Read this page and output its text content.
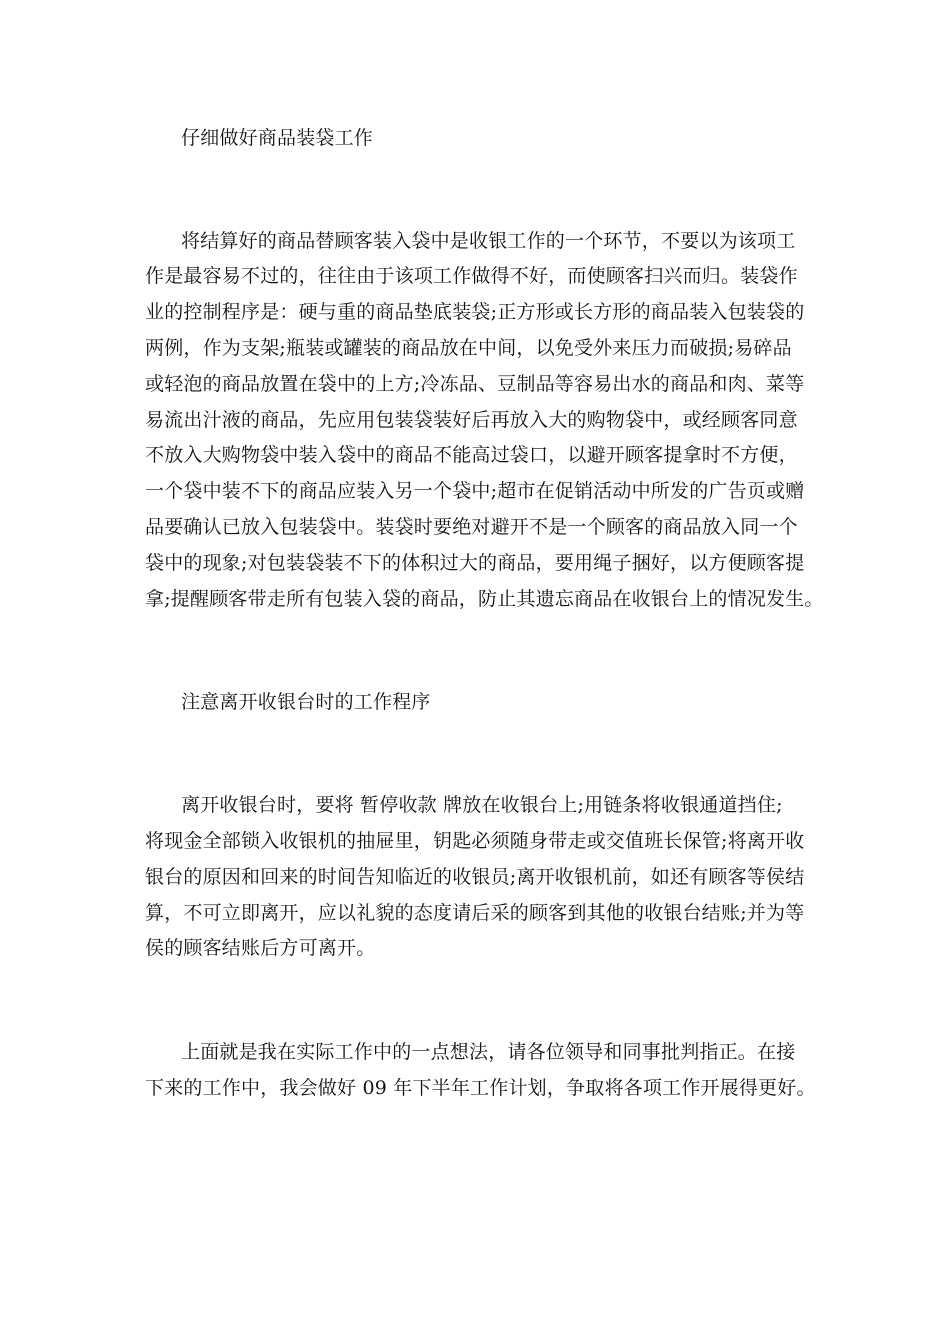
仔细做好商品装袋工作
将结算好的商品替顾客装入袋中是收银工作的一个环节，不要以为该项工
作是最容易不过的，往往由于该项工作做得不好，而使顾客扫兴而归。装袋作
业的控制程序是：硬与重的商品垫底装袋;正方形或长方形的商品装入包装袋的
两例，作为支架;瓶装或罐装的商品放在中间，以免受外来压力而破损;易碎品
或轻泡的商品放置在袋中的上方;冷冻品、豆制品等容易出水的商品和肉、菜等
易流出汁液的商品，先应用包装袋装好后再放入大的购物袋中，或经顾客同意
不放入大购物袋中装入袋中的商品不能高过袋口，以避开顾客提拿时不方便，
一个袋中装不下的商品应装入另一个袋中;超市在促销活动中所发的广告页或赠
品要确认已放入包装袋中。装袋时要绝对避开不是一个顾客的商品放入同一个
袋中的现象;对包装袋装不下的体积过大的商品，要用绳子捆好，以方便顾客提
拿;提醒顾客带走所有包装入袋的商品，防止其遗忘商品在收银台上的情况发生。
注意离开收银台时的工作程序
离开收银台时，要将 暂停收款 牌放在收银台上;用链条将收银通道挡住;
将现金全部锁入收银机的抽屉里，钥匙必须随身带走或交值班长保管;将离开收
银台的原因和回来的时间告知临近的收银员;离开收银机前，如还有顾客等侯结
算，不可立即离开，应以礼貌的态度请后采的顾客到其他的收银台结账;并为等
侯的顾客结账后方可离开。
上面就是我在实际工作中的一点想法，请各位领导和同事批判指正。在接
下来的工作中，我会做好 09 年下半年工作计划，争取将各项工作开展得更好。
